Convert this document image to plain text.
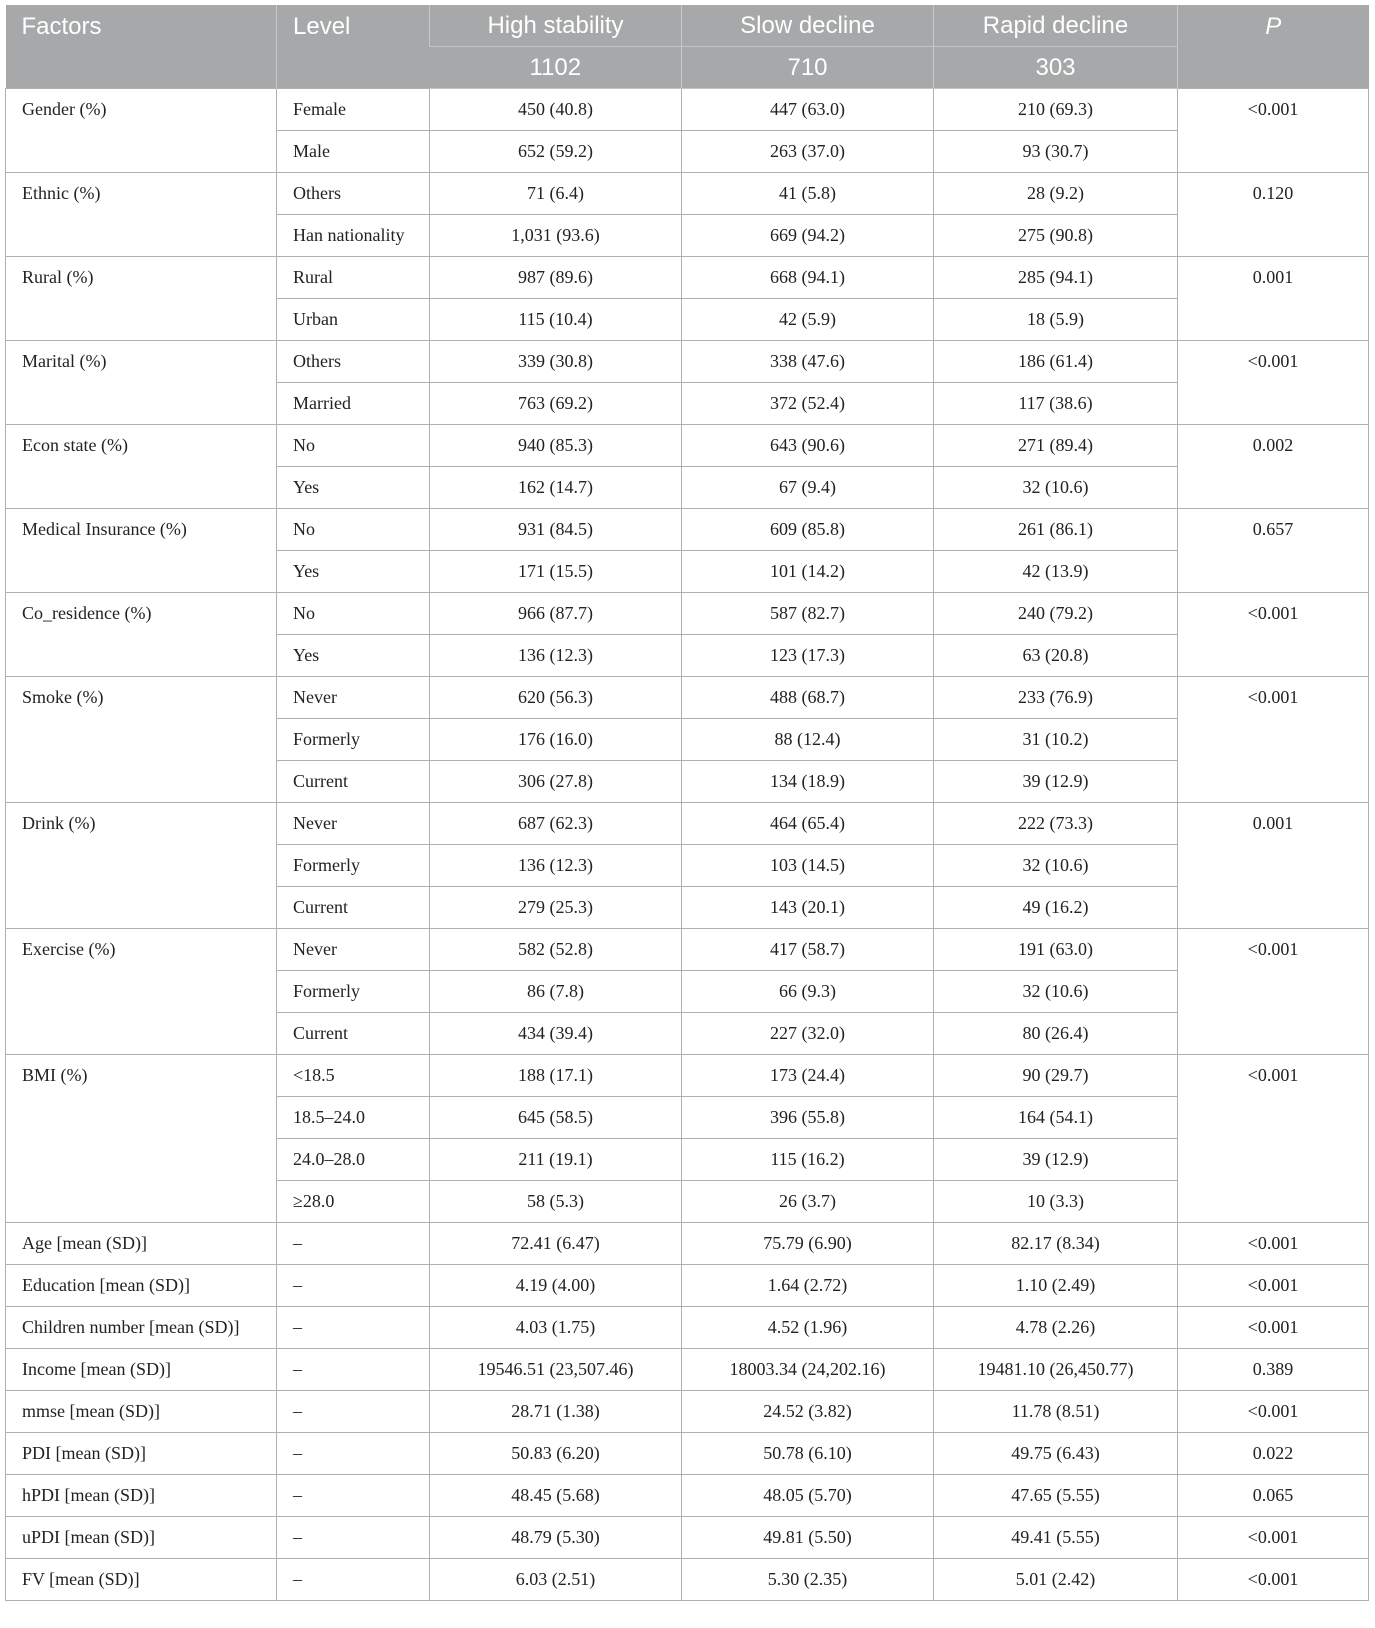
Factors	Level	High stability	Slow decline	Rapid decline	P
		1102	710	303	
Gender (%)	Female	450 (40.8)	447 (63.0)	210 (69.3)	<0.001
	Male	652 (59.2)	263 (37.0)	93 (30.7)	
Ethnic (%)	Others	71 (6.4)	41 (5.8)	28 (9.2)	0.120
	Han nationality	1,031 (93.6)	669 (94.2)	275 (90.8)	
Rural (%)	Rural	987 (89.6)	668 (94.1)	285 (94.1)	0.001
	Urban	115 (10.4)	42 (5.9)	18 (5.9)	
Marital (%)	Others	339 (30.8)	338 (47.6)	186 (61.4)	<0.001
	Married	763 (69.2)	372 (52.4)	117 (38.6)	
Econ state (%)	No	940 (85.3)	643 (90.6)	271 (89.4)	0.002
	Yes	162 (14.7)	67 (9.4)	32 (10.6)	
Medical Insurance (%)	No	931 (84.5)	609 (85.8)	261 (86.1)	0.657
	Yes	171 (15.5)	101 (14.2)	42 (13.9)	
Co_residence (%)	No	966 (87.7)	587 (82.7)	240 (79.2)	<0.001
	Yes	136 (12.3)	123 (17.3)	63 (20.8)	
Smoke (%)	Never	620 (56.3)	488 (68.7)	233 (76.9)	<0.001
	Formerly	176 (16.0)	88 (12.4)	31 (10.2)	
	Current	306 (27.8)	134 (18.9)	39 (12.9)	
Drink (%)	Never	687 (62.3)	464 (65.4)	222 (73.3)	0.001
	Formerly	136 (12.3)	103 (14.5)	32 (10.6)	
	Current	279 (25.3)	143 (20.1)	49 (16.2)	
Exercise (%)	Never	582 (52.8)	417 (58.7)	191 (63.0)	<0.001
	Formerly	86 (7.8)	66 (9.3)	32 (10.6)	
	Current	434 (39.4)	227 (32.0)	80 (26.4)	
BMI (%)	<18.5	188 (17.1)	173 (24.4)	90 (29.7)	<0.001
	18.5–24.0	645 (58.5)	396 (55.8)	164 (54.1)	
	24.0–28.0	211 (19.1)	115 (16.2)	39 (12.9)	
	≥28.0	58 (5.3)	26 (3.7)	10 (3.3)	
Age [mean (SD)]	–	72.41 (6.47)	75.79 (6.90)	82.17 (8.34)	<0.001
Education [mean (SD)]	–	4.19 (4.00)	1.64 (2.72)	1.10 (2.49)	<0.001
Children number [mean (SD)]	–	4.03 (1.75)	4.52 (1.96)	4.78 (2.26)	<0.001
Income [mean (SD)]	–	19546.51 (23,507.46)	18003.34 (24,202.16)	19481.10 (26,450.77)	0.389
mmse [mean (SD)]	–	28.71 (1.38)	24.52 (3.82)	11.78 (8.51)	<0.001
PDI [mean (SD)]	–	50.83 (6.20)	50.78 (6.10)	49.75 (6.43)	0.022
hPDI [mean (SD)]	–	48.45 (5.68)	48.05 (5.70)	47.65 (5.55)	0.065
uPDI [mean (SD)]	–	48.79 (5.30)	49.81 (5.50)	49.41 (5.55)	<0.001
FV [mean (SD)]	–	6.03 (2.51)	5.30 (2.35)	5.01 (2.42)	<0.001
